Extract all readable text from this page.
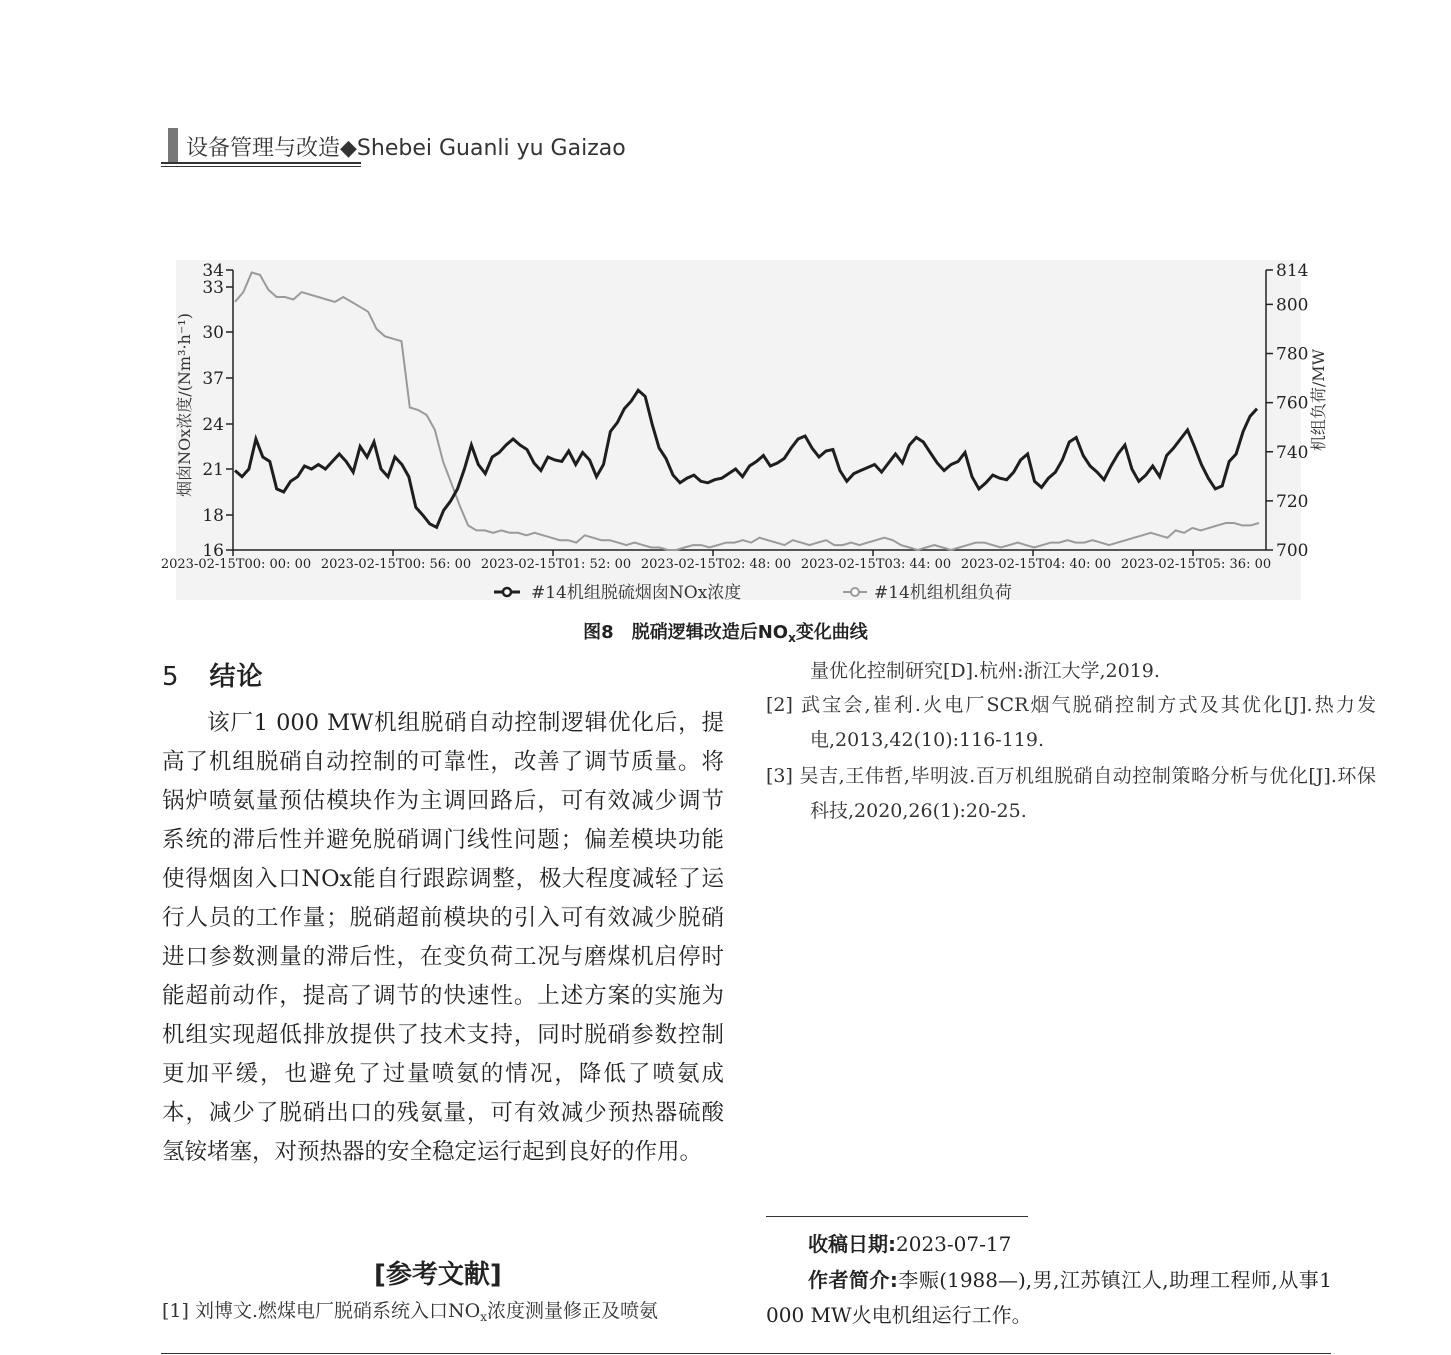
设备管理与改造◆Shebei Guanli yu Gaizao
34
33
30
37
24
21
18
16
814
800
780
760
740
720
700
2023-02-15T00: 00: 00 2023-02-15T00: 56: 00 2023-02-15T01: 52: 00 2023-02-15T02: 48: 00 2023-02-15T03: 44: 00 2023-02-15T04: 40: 00 2023-02-15T05: 36: 00
烟囱NOx浓度/(Nm³·h⁻¹)	机组负荷/MW
#14机组脱硫烟囱NOx浓度	#14机组机组负荷
图8　脱硝逻辑改造后$NO_x$变化曲线
5 结论

该厂1 000 MW机组脱硝自动控制逻辑优化后，提高了机组脱硝自动控制的可靠性，改善了调节质量。将锅炉喷氨量预估模块作为主调回路后，可有效减少调节系统的滞后性并避免脱硝调门线性问题；偏差模块功能使得烟囱入口NOx能自行跟踪调整，极大程度减轻了运行人员的工作量；脱硝超前模块的引入可有效减少脱硝进口参数测量的滞后性，在变负荷工况与磨煤机启停时能超前动作，提高了调节的快速性。上述方案的实施为机组实现超低排放提供了技术支持，同时脱硝参数控制更加平缓，也避免了过量喷氨的情况，降低了喷氨成本，减少了脱硝出口的残氨量，可有效减少预热器硫酸氢铵堵塞，对预热器的安全稳定运行起到良好的作用。

[参考文献]
[1] 刘博文.燃煤电厂脱硝系统入口$NO_x$浓度测量修正及喷氨
量优化控制研究[D].杭州:浙江大学,2019.
[2] 武宝会,崔利.火电厂SCR烟气脱硝控制方式及其优化[J].热力发电,2013,42(10):116-119.
[3] 吴吉,王伟哲,毕明波.百万机组脱硝自动控制策略分析与优化[J].环保科技,2020,26(1):20-25.
收稿日期:2023-07-17
作者简介:李赈(1988—),男,江苏镇江人,助理工程师,从事1 000 MW火电机组运行工作。
